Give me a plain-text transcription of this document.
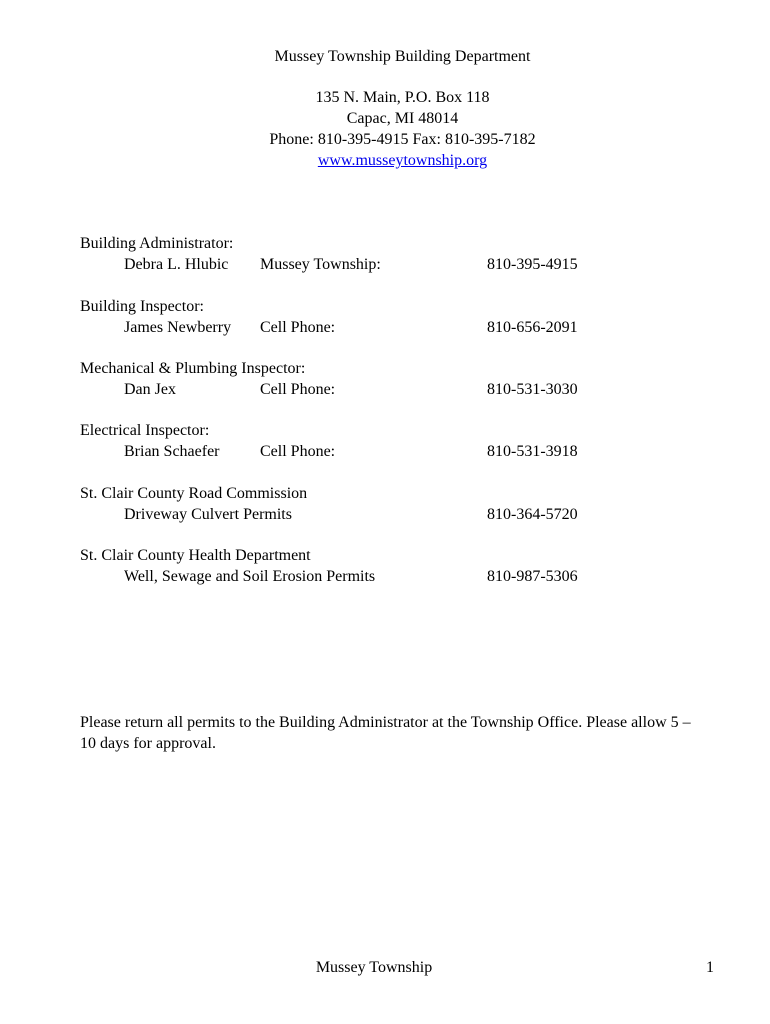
Mussey Township Building Department
135 N. Main, P.O. Box 118
Capac, MI 48014
Phone: 810-395-4915 Fax: 810-395-7182
www.musseytownship.org
Building Administrator:
Debra L. Hlubic Mussey Township:	810-395-4915
Building Inspector:
James Newberry Cell Phone:	810-656-2091
Mechanical & Plumbing Inspector:
Dan Jex	Cell Phone:	810-531-3030
Electrical Inspector:
Brian Schaefer	Cell Phone:	810-531-3918
St. Clair County Road Commission
Driveway Culvert Permits	810-364-5720
St. Clair County Health Department
Well, Sewage and Soil Erosion Permits	810-987-5306
Please return all permits to the Building Administrator at the Township Office. Please allow 5 – 10 days for approval.
Mussey Township	1
